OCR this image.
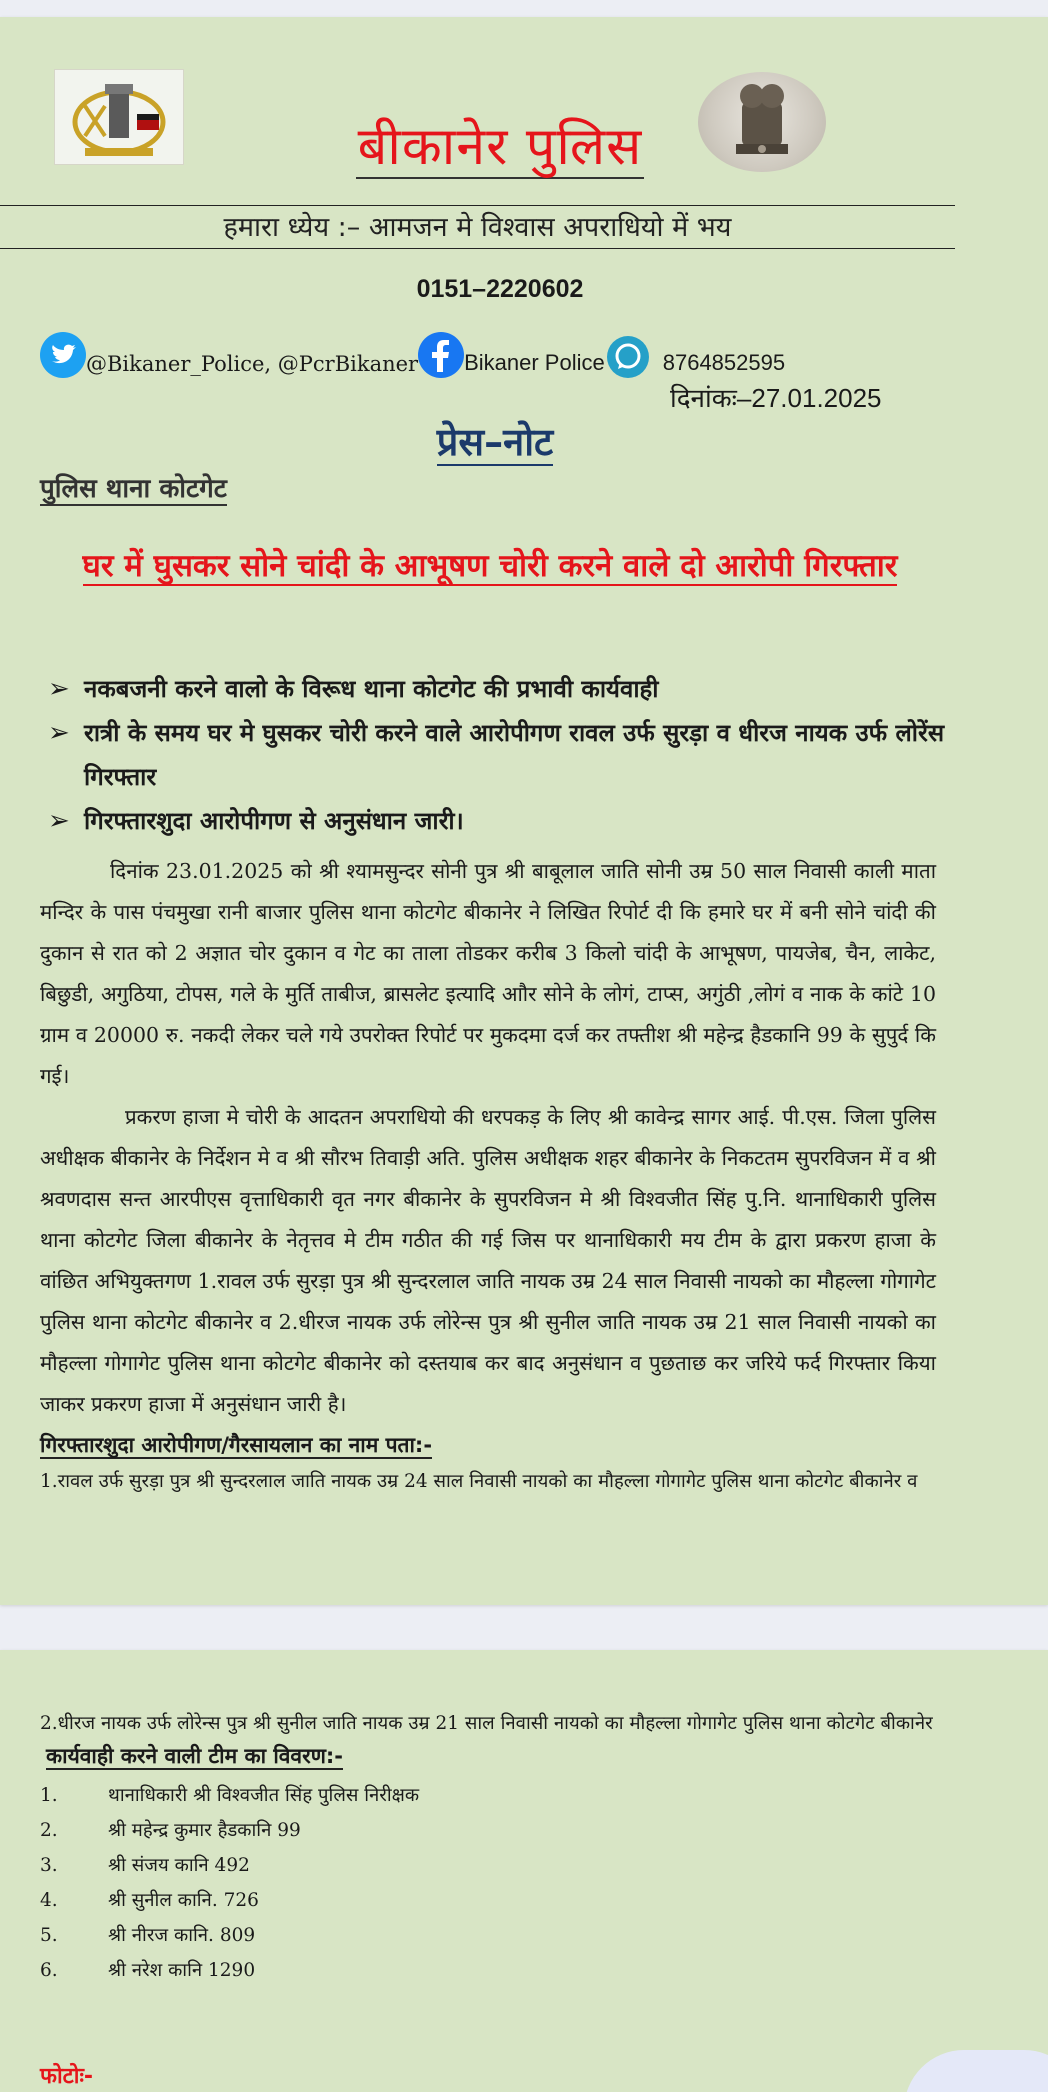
बीकानेर पुलिस
हमारा ध्येय :– आमजन मे विश्वास अपराधियो में भय
0151–2220602
@Bikaner_Police, @PcrBikaner Bikaner Police	8764852595
दिनांकः–27.01.2025
प्रेस–नोट
पुलिस थाना कोटगेट
घर में घुसकर सोने चांदी के आभूषण चोरी करने वाले दो आरोपी गिरफ्तार
➢ नकबजनी करने वालो के विरूध थाना कोटगेट की प्रभावी कार्यवाही
➢ रात्री के समय घर मे घुसकर चोरी करने वाले आरोपीगण रावल उर्फ सुरड़ा व धीरज नायक उर्फ लोरेंस गिरफ्तार
➢ गिरफ्तारशुदा आरोपीगण से अनुसंधान जारी।

दिनांक 23.01.2025 को श्री श्यामसुन्दर सोनी पुत्र श्री बाबूलाल जाति सोनी उम्र 50 साल निवासी काली माता मन्दिर के पास पंचमुखा रानी बाजार पुलिस थाना कोटगेट बीकानेर ने लिखित रिपोर्ट दी कि हमारे घर में बनी सोने चांदी की दुकान से रात को 2 अज्ञात चोर दुकान व गेट का ताला तोडकर करीब 3 किलो चांदी के आभूषण, पायजेब, चैन, लाकेट, बिछुडी, अगुठिया, टोपस, गले के मुर्ति ताबीज, ब्रासलेट इत्यादि आौर सोने के लोगं, टाप्स, अगुंठी ,लोगं व नाक के कांटे 10 ग्राम व 20000 रु. नकदी लेकर चले गये उपरोक्त रिपोर्ट पर मुकदमा दर्ज कर तफ्तीश श्री महेन्द्र हैडकानि 99 के सुपुर्द कि गई।

प्रकरण हाजा मे चोरी के आदतन अपराधियो की धरपकड़ के लिए श्री कावेन्द्र सागर आई. पी.एस. जिला पुलिस अधीक्षक बीकानेर के निर्देशन मे व श्री सौरभ तिवाड़ी अति. पुलिस अधीक्षक शहर बीकानेर के निकटतम सुपरविजन में व श्री श्रवणदास सन्त आरपीएस वृत्ताधिकारी वृत नगर बीकानेर के सुपरविजन मे श्री विश्वजीत सिंह पु.नि. थानाधिकारी पुलिस थाना कोटगेट जिला बीकानेर के नेतृत्तव मे टीम गठीत की गई जिस पर थानाधिकारी मय टीम के द्वारा प्रकरण हाजा के वांछित अभियुक्तगण 1.रावल उर्फ सुरड़ा पुत्र श्री सुन्दरलाल जाति नायक उम्र 24 साल निवासी नायको का मौहल्ला गोगागेट पुलिस थाना कोटगेट बीकानेर व 2.धीरज नायक उर्फ लोरेन्स पुत्र श्री सुनील जाति नायक उम्र 21 साल निवासी नायको का मौहल्ला गोगागेट पुलिस थाना कोटगेट बीकानेर को दस्तयाब कर बाद अनुसंधान व पुछताछ कर जरिये फर्द गिरफ्तार किया जाकर प्रकरण हाजा में अनुसंधान जारी है।

गिरफ्तारशुदा आरोपीगण/गैरसायलान का नाम पता:-
1.रावल उर्फ सुरड़ा पुत्र श्री सुन्दरलाल जाति नायक उम्र 24 साल निवासी नायको का मौहल्ला गोगागेट पुलिस थाना कोटगेट बीकानेर व
2.धीरज नायक उर्फ लोरेन्स पुत्र श्री सुनील जाति नायक उम्र 21 साल निवासी नायको का मौहल्ला गोगागेट पुलिस थाना कोटगेट बीकानेर
कार्यवाही करने वाली टीम का विवरण:-
1.	थानाधिकारी श्री विश्वजीत सिंह पुलिस निरीक्षक
2.	श्री महेन्द्र कुमार हैडकानि 99
3.	श्री संजय कानि 492
4.	श्री सुनील कानि. 726
5.	श्री नीरज कानि. 809
6.	श्री नरेश कानि 1290
फोटोः-
